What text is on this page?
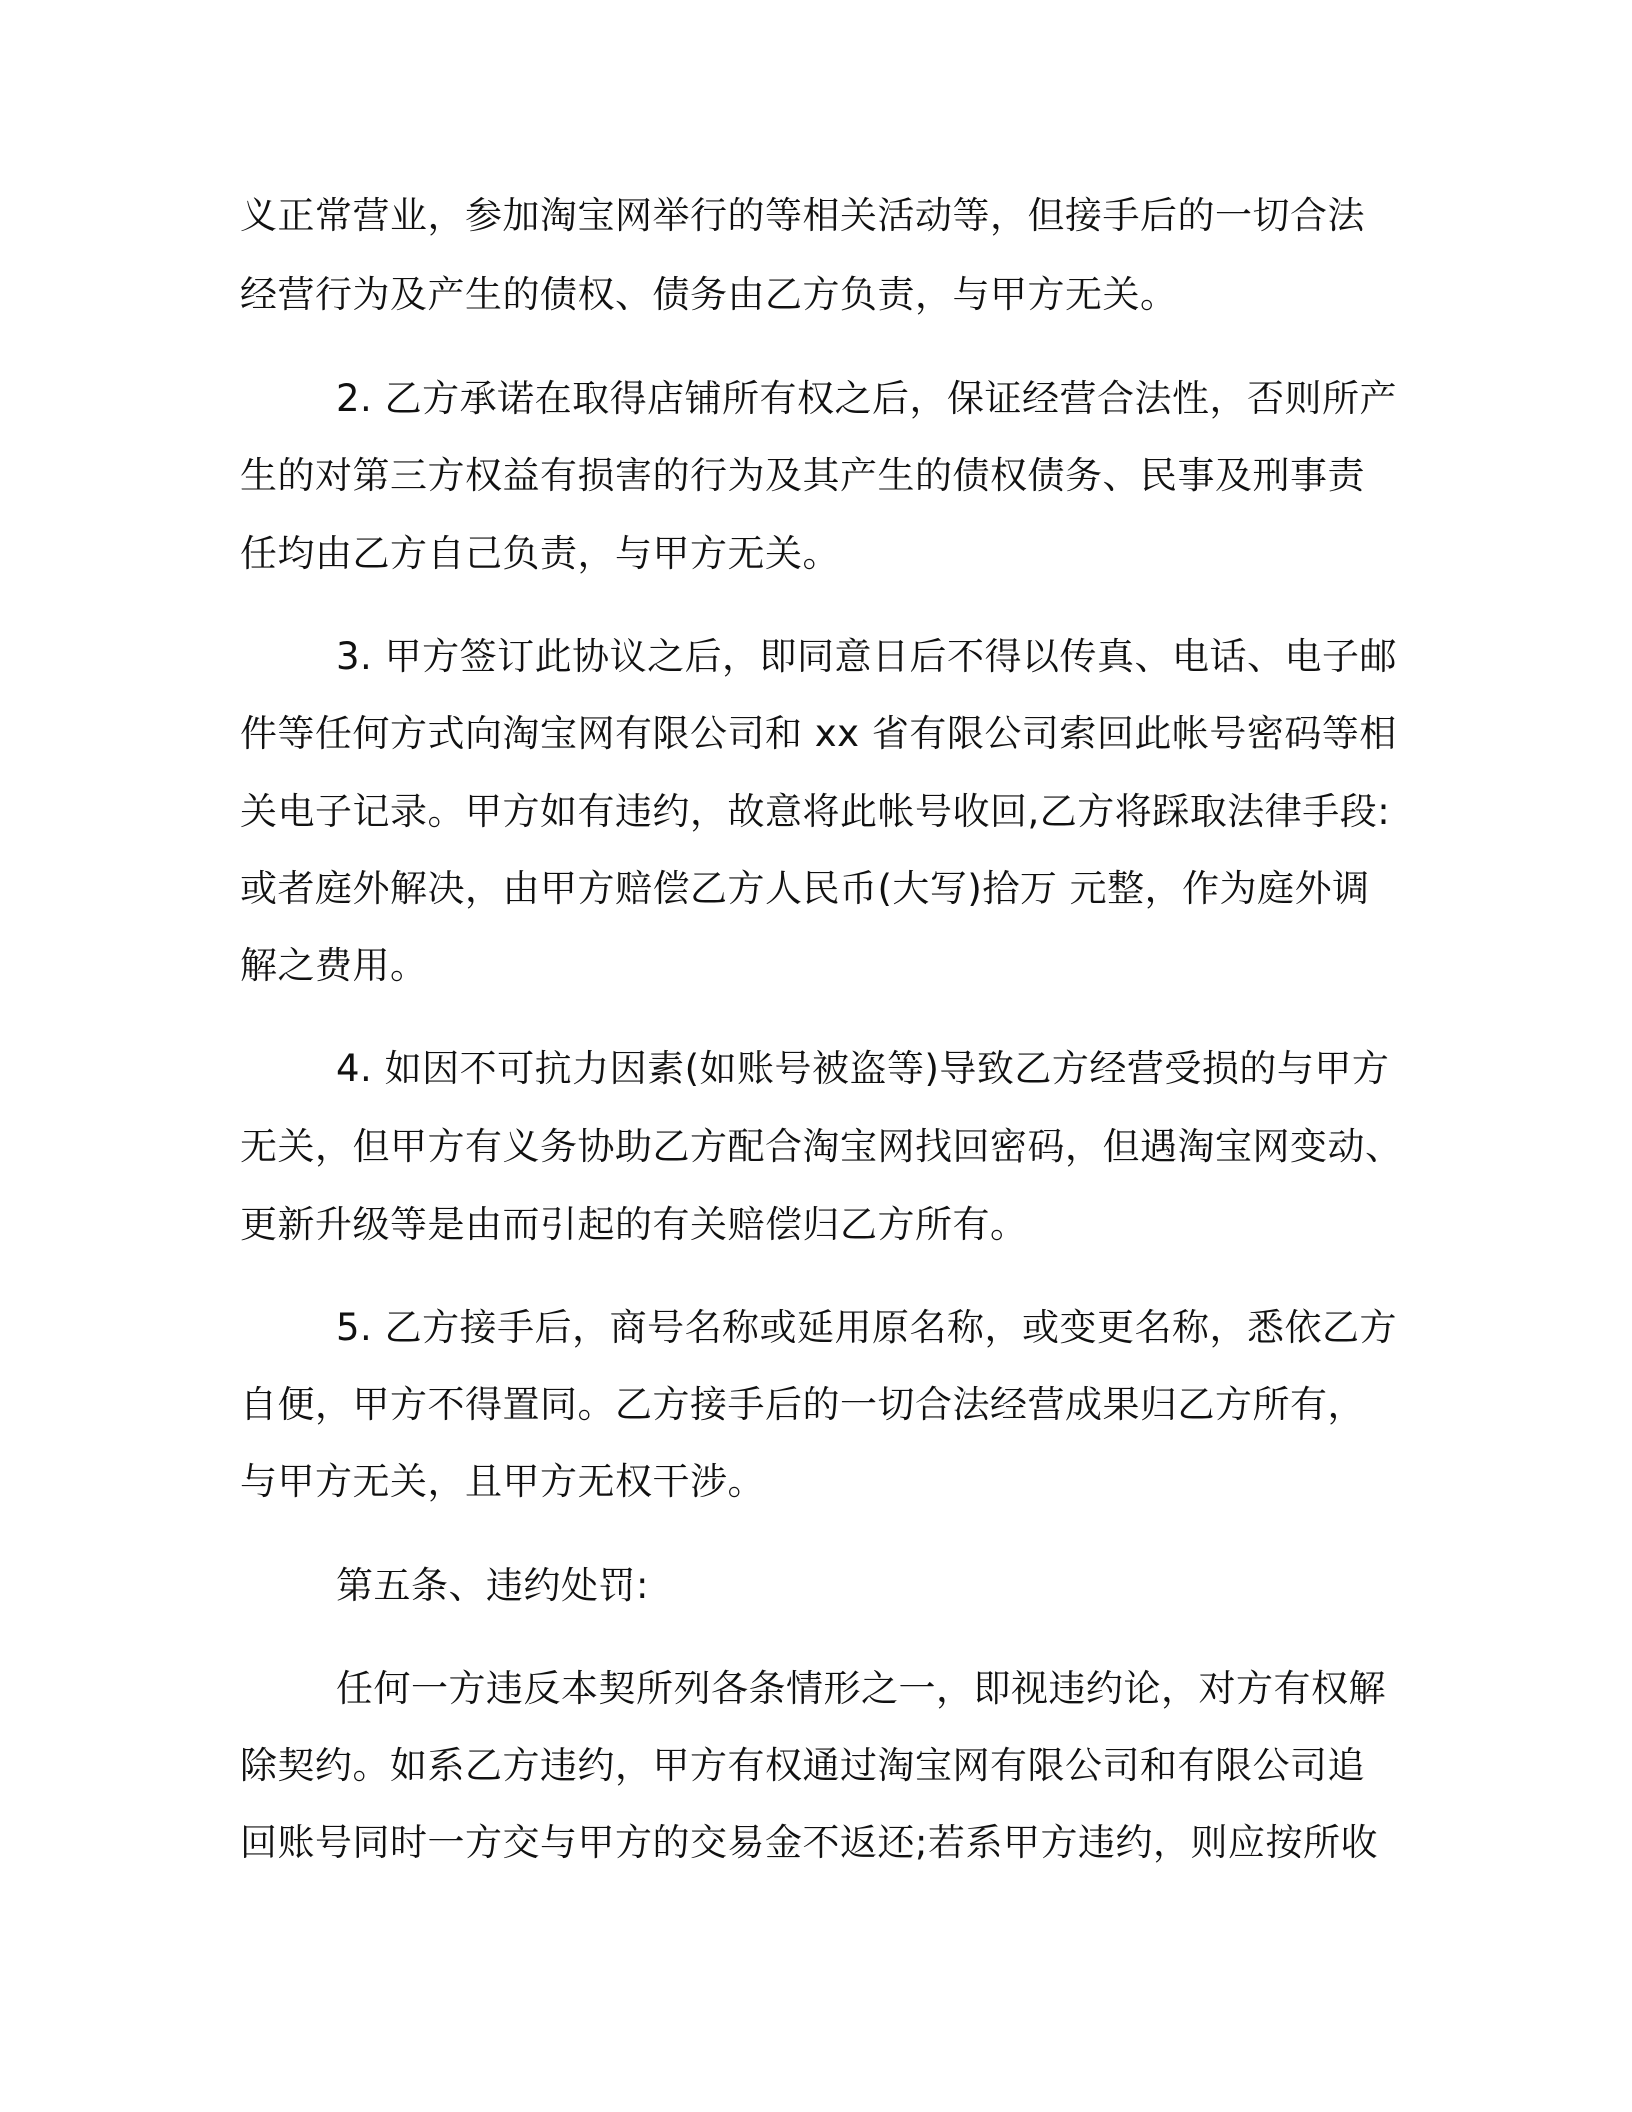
义正常营业，参加淘宝网举行的等相关活动等，但接手后的一切合法
经营行为及产生的债权、债务由乙方负责，与甲方无关。
2. 乙方承诺在取得店铺所有权之后，保证经营合法性，否则所产
生的对第三方权益有损害的行为及其产生的债权债务、民事及刑事责
任均由乙方自己负责，与甲方无关。
3. 甲方签订此协议之后，即同意日后不得以传真、电话、电子邮
件等任何方式向淘宝网有限公司和 xx 省有限公司索回此帐号密码等相
关电子记录。甲方如有违约，故意将此帐号收回,乙方将踩取法律手段:
或者庭外解决，由甲方赔偿乙方人民币(大写)拾万 元整，作为庭外调
解之费用。
4. 如因不可抗力因素(如账号被盗等)导致乙方经营受损的与甲方
无关，但甲方有义务协助乙方配合淘宝网找回密码，但遇淘宝网变动、
更新升级等是由而引起的有关赔偿归乙方所有。
5. 乙方接手后，商号名称或延用原名称，或变更名称，悉依乙方
自便，甲方不得置同。乙方接手后的一切合法经营成果归乙方所有，
与甲方无关，且甲方无权干涉。
第五条、违约处罚:
任何一方违反本契所列各条情形之一，即视违约论，对方有权解
除契约。如系乙方违约，甲方有权通过淘宝网有限公司和有限公司追
回账号同时一方交与甲方的交易金不返还;若系甲方违约，则应按所收
